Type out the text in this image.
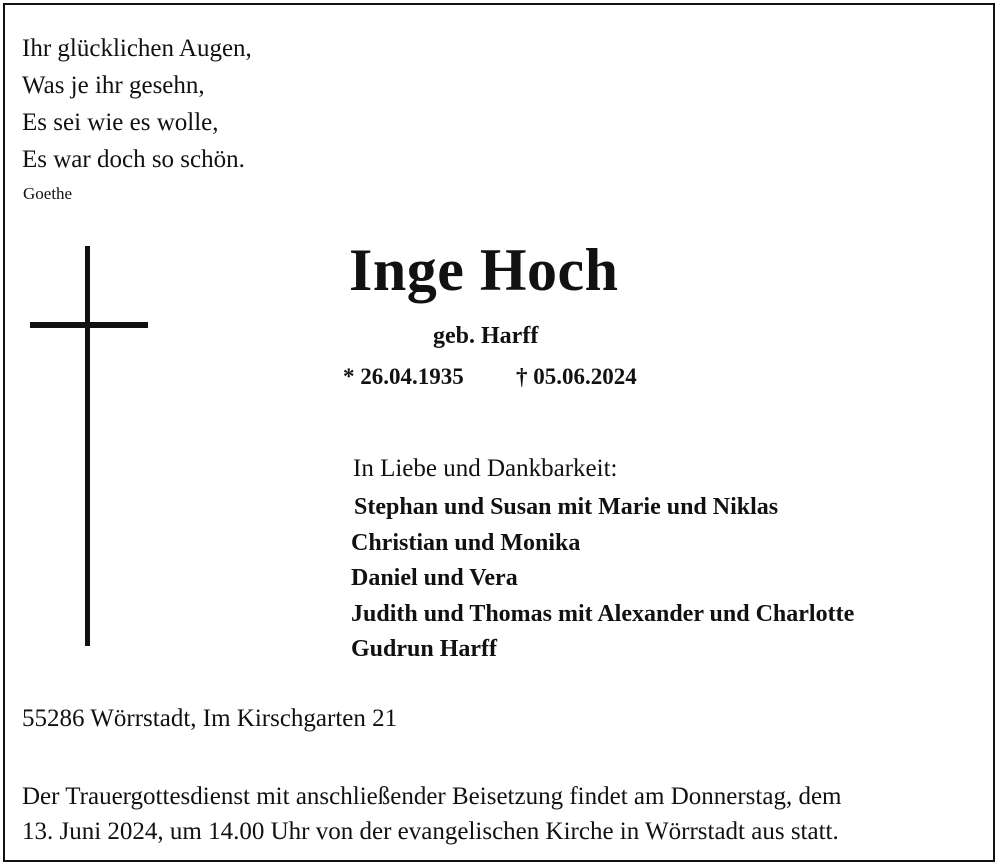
Ihr glücklichen Augen,
Was je ihr gesehn,
Es sei wie es wolle,
Es war doch so schön.
Goethe
Inge Hoch
geb. Harff
* 26.04.1935 † 05.06.2024
In Liebe und Dankbarkeit:
Stephan und Susan mit Marie und Niklas
Christian und Monika
Daniel und Vera
Judith und Thomas mit Alexander und Charlotte
Gudrun Harff
55286 Wörrstadt, Im Kirschgarten 21
Der Trauergottesdienst mit anschließender Beisetzung findet am Donnerstag, dem
13. Juni 2024, um 14.00 Uhr von der evangelischen Kirche in Wörrstadt aus statt.
